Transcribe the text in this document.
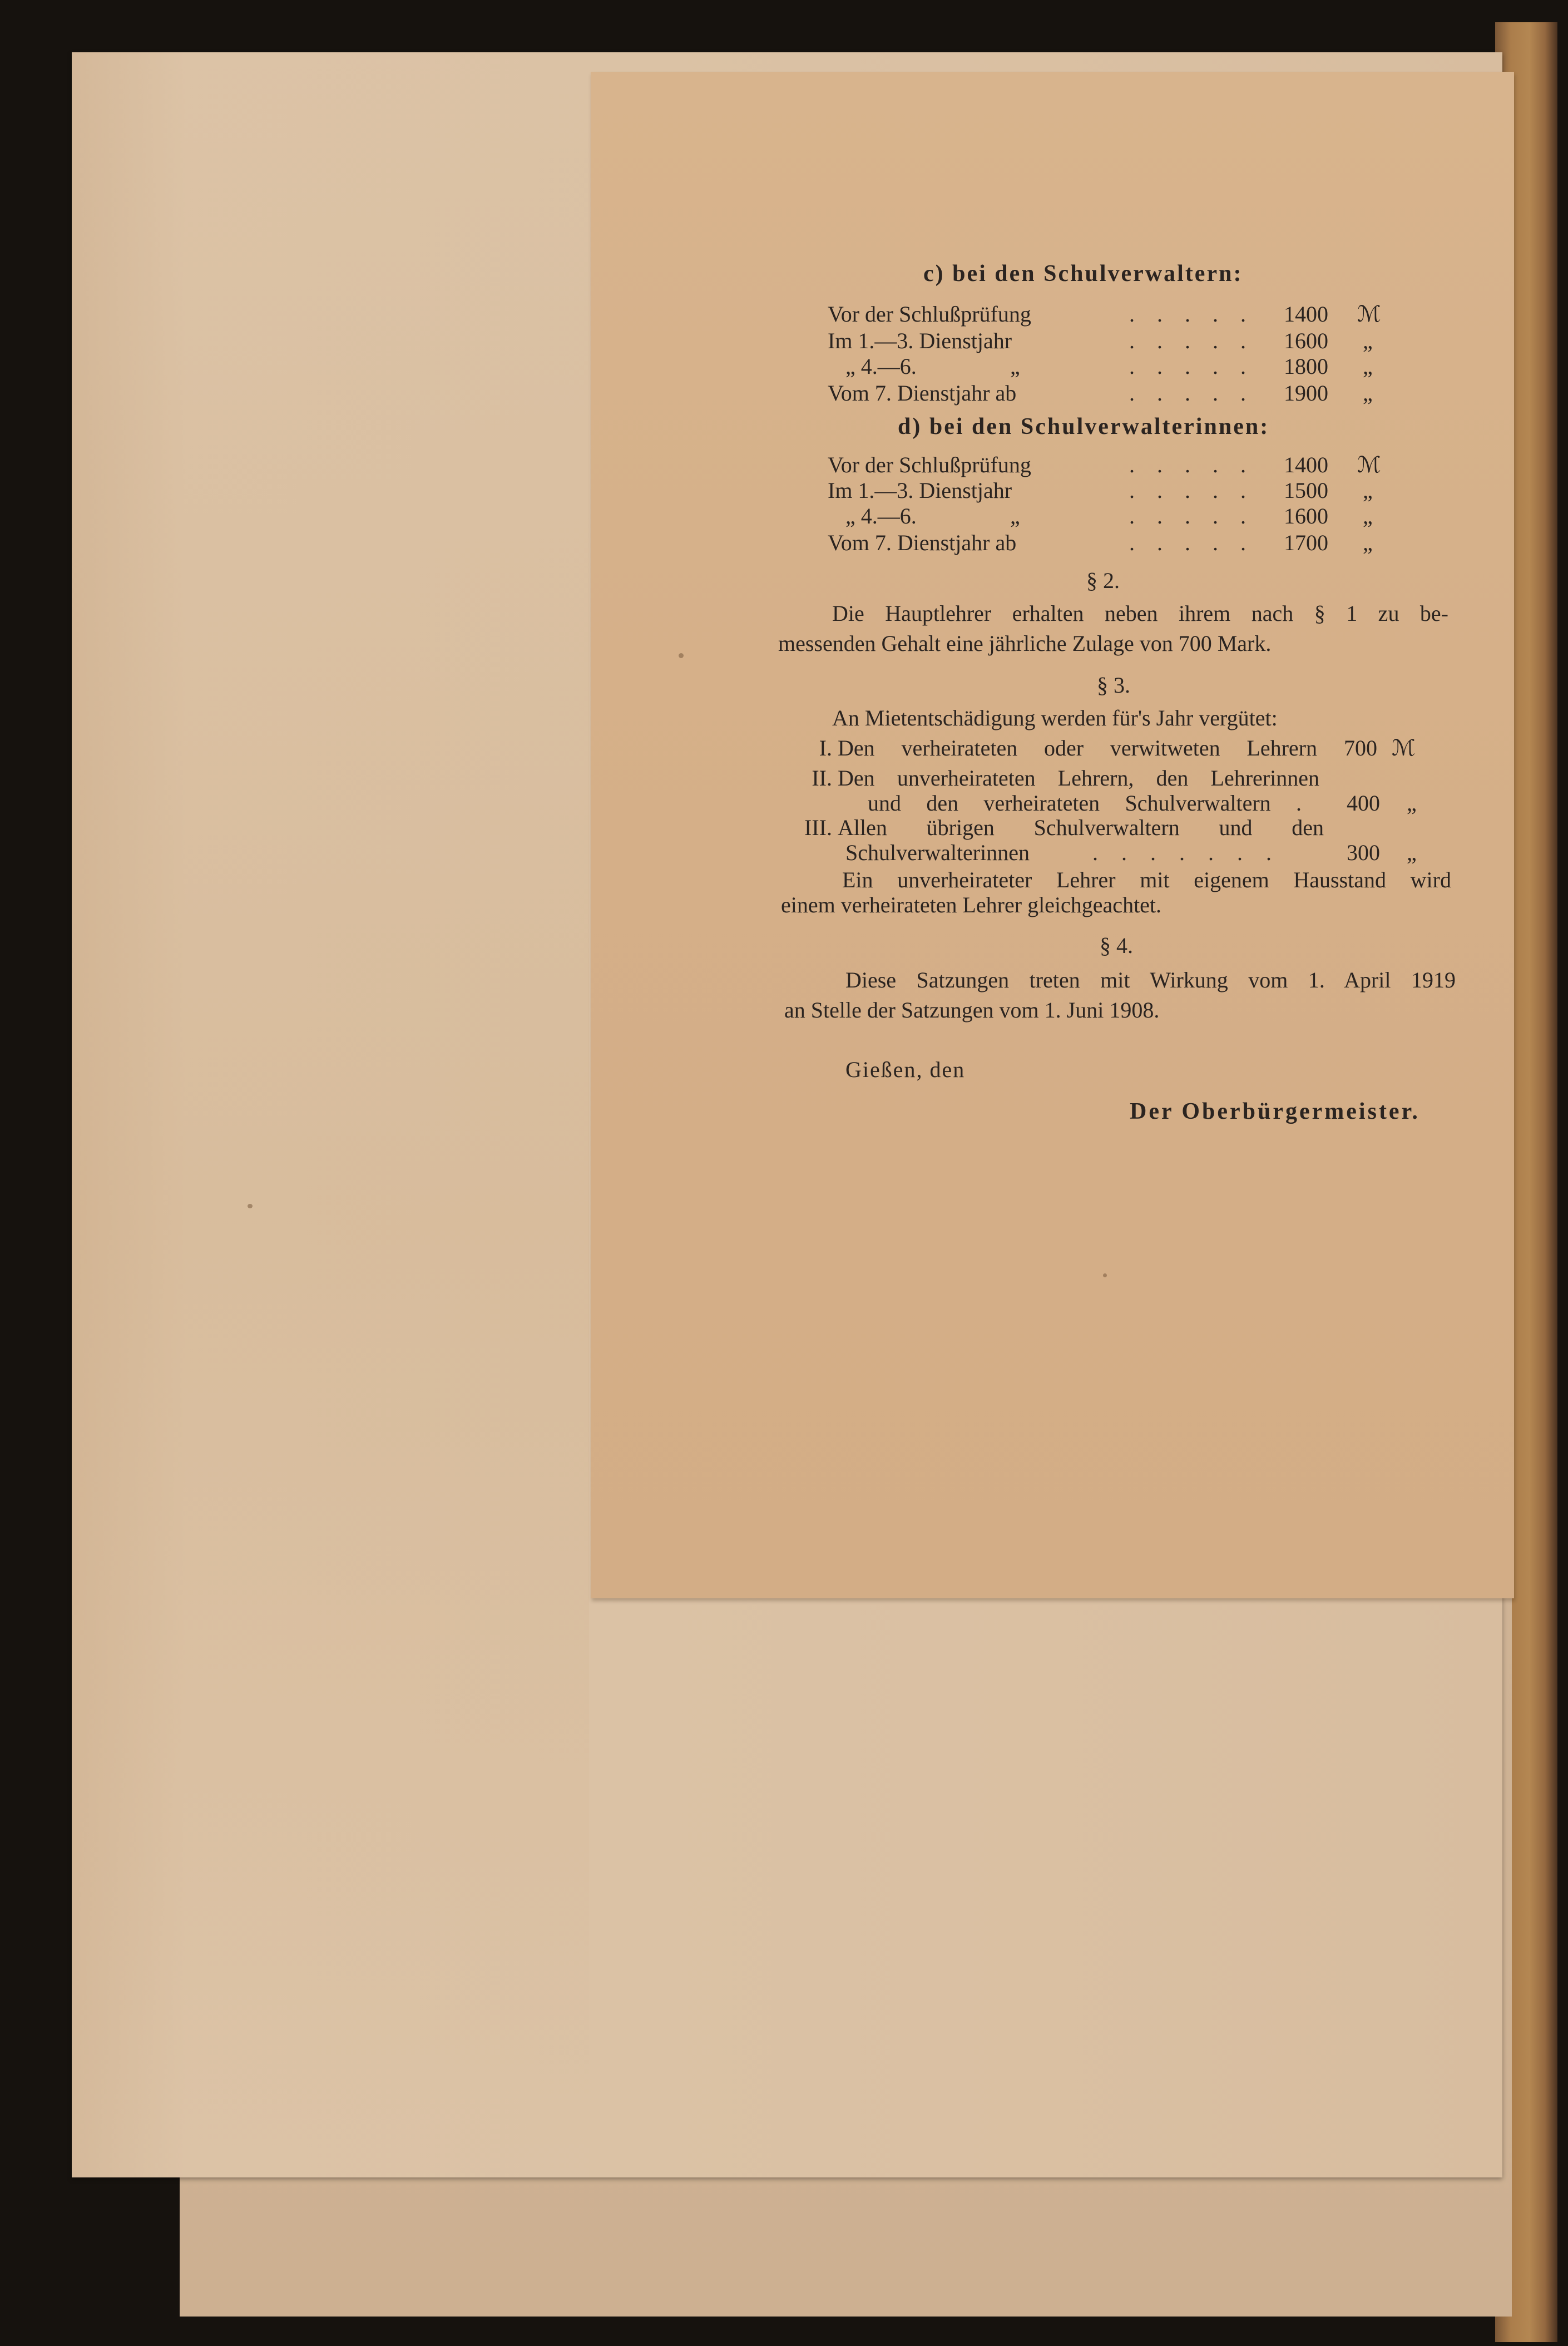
c) bei den Schulverwaltern:
Vor der Schlußprüfung	..... 1400 ℳ
Im 1.—3. Dienstjahr	..... 1600 „
„ 4.—6.	„	..... 1800 „
Vom 7. Dienstjahr ab	..... 1900 „
d) bei den Schulverwalterinnen:
Vor der Schlußprüfung	..... 1400 ℳ
Im 1.—3. Dienstjahr	..... 1500 „
„ 4.—6.	„	..... 1600 „
Vom 7. Dienstjahr ab	..... 1700 „
§ 2.
Die Hauptlehrer erhalten neben ihrem nach § 1 zu be-
messenden Gehalt eine jährliche Zulage von 700 Mark.
§ 3.
An Mietentschädigung werden für's Jahr vergütet:
I. Den verheirateten oder verwitweten Lehrern 700 ℳ
II. Den unverheirateten Lehrern, den Lehrerinnen
und den verheirateten Schulverwaltern . 400 „
III. Allen übrigen Schulverwaltern und den
Schulverwalterinnen	....... 300 „
Ein unverheirateter Lehrer mit eigenem Hausstand wird
einem verheirateten Lehrer gleichgeachtet.
§ 4.
Diese Satzungen treten mit Wirkung vom 1. April 1919
an Stelle der Satzungen vom 1. Juni 1908.
Gießen, den
Der Oberbürgermeister.
